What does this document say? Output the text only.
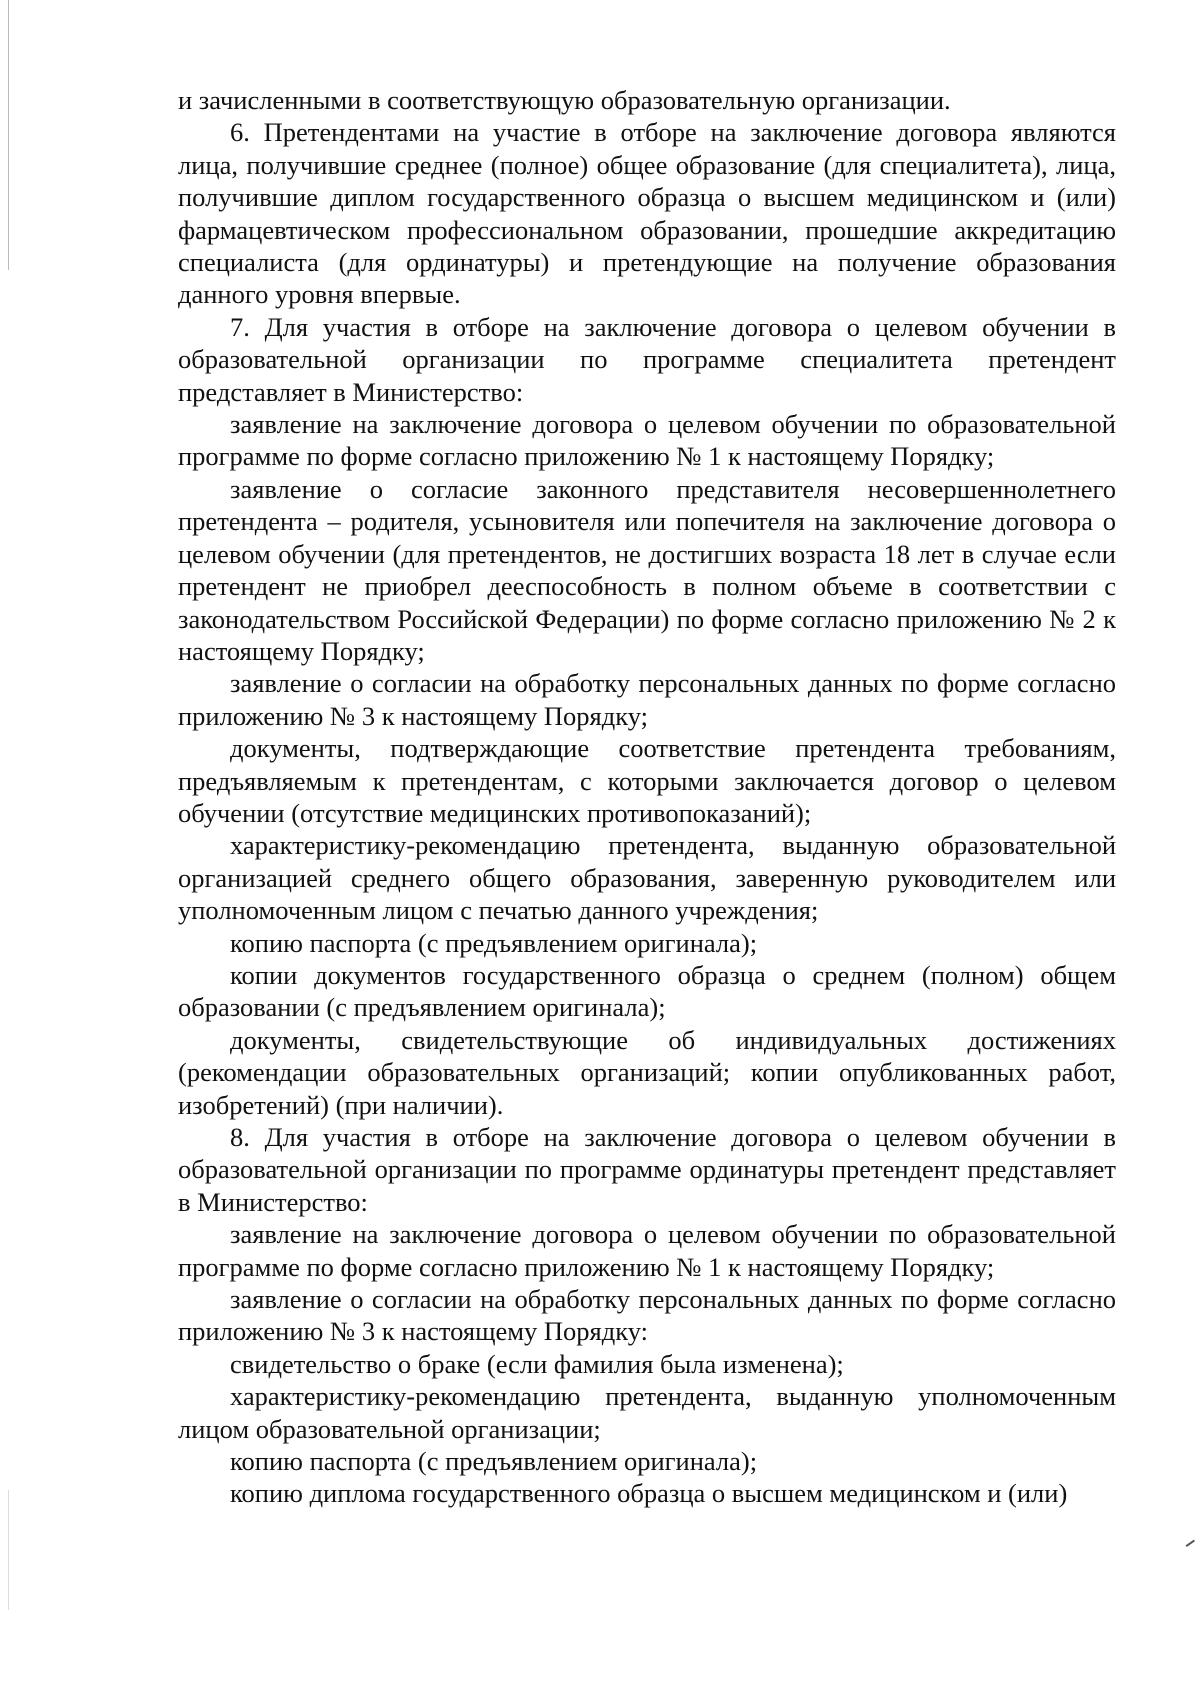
и зачисленными в соответствующую образовательную организации.

6. Претендентами на участие в отборе на заключение договора являются лица, получившие среднее (полное) общее образование (для специалитета), лица, получившие диплом государственного образца о высшем медицинском и (или) фармацевтическом профессиональном образовании, прошедшие аккредитацию специалиста (для ординатуры) и претендующие на получение образования данного уровня впервые.

7. Для участия в отборе на заключение договора о целевом обучении в образовательной организации по программе специалитета претендент представляет в Министерство:

заявление на заключение договора о целевом обучении по образовательной программе по форме согласно приложению № 1 к настоящему Порядку;

заявление о согласие законного представителя несовершеннолетнего претендента – родителя, усыновителя или попечителя на заключение договора о целевом обучении (для претендентов, не достигших возраста 18 лет в случае если претендент не приобрел дееспособность в полном объеме в соответствии с законодательством Российской Федерации) по форме согласно приложению № 2 к настоящему Порядку;

заявление о согласии на обработку персональных данных по форме согласно приложению № 3 к настоящему Порядку;

документы, подтверждающие соответствие претендента требованиям, предъявляемым к претендентам, с которыми заключается договор о целевом обучении (отсутствие медицинских противопоказаний);

характеристику-рекомендацию претендента, выданную образовательной организацией среднего общего образования, заверенную руководителем или уполномоченным лицом с печатью данного учреждения;

копию паспорта (с предъявлением оригинала);

копии документов государственного образца о среднем (полном) общем образовании (с предъявлением оригинала);

документы, свидетельствующие об индивидуальных достижениях (рекомендации образовательных организаций; копии опубликованных работ, изобретений) (при наличии).

8. Для участия в отборе на заключение договора о целевом обучении в образовательной организации по программе ординатуры претендент представляет в Министерство:

заявление на заключение договора о целевом обучении по образовательной программе по форме согласно приложению № 1 к настоящему Порядку;

заявление о согласии на обработку персональных данных по форме согласно приложению № 3 к настоящему Порядку:

свидетельство о браке (если фамилия была изменена);

характеристику-рекомендацию претендента, выданную уполномоченным лицом образовательной организации;

копию паспорта (с предъявлением оригинала);

копию диплома государственного образца о высшем медицинском и (или)
